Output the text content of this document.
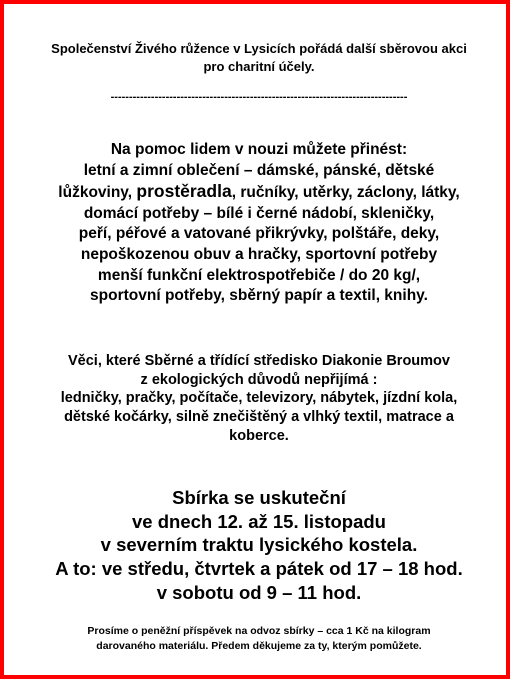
Společenství Živého růžence v Lysicích pořádá další sběrovou akci
pro charitní účely.
---------------------------------------------------------------------------------
Na pomoc lidem v nouzi můžete přinést:
letní a zimní oblečení – dámské, pánské, dětské
lůžkoviny, prostěradla, ručníky, utěrky, záclony, látky,
domácí potřeby – bílé i černé nádobí, skleničky,
peří, péřové a vatované přikrývky, polštáře, deky,
nepoškozenou obuv a hračky, sportovní potřeby
menší funkční elektrospotřebiče / do 20 kg/,
sportovní potřeby, sběrný papír a textil, knihy.
Věci, které Sběrné a třídící středisko Diakonie Broumov
z ekologických důvodů nepřijímá :
ledničky, pračky, počítače, televizory, nábytek, jízdní kola,
dětské kočárky, silně znečištěný a vlhký textil, matrace a
koberce.
Sbírka se uskuteční
ve dnech 12. až 15. listopadu
v severním traktu lysického kostela.
A to: ve středu, čtvrtek a pátek od 17 – 18 hod.
v sobotu od 9 – 11 hod.
Prosíme o peněžní příspěvek na odvoz sbírky – cca 1 Kč na kilogram
darovaného materiálu. Předem děkujeme za ty, kterým pomůžete.
